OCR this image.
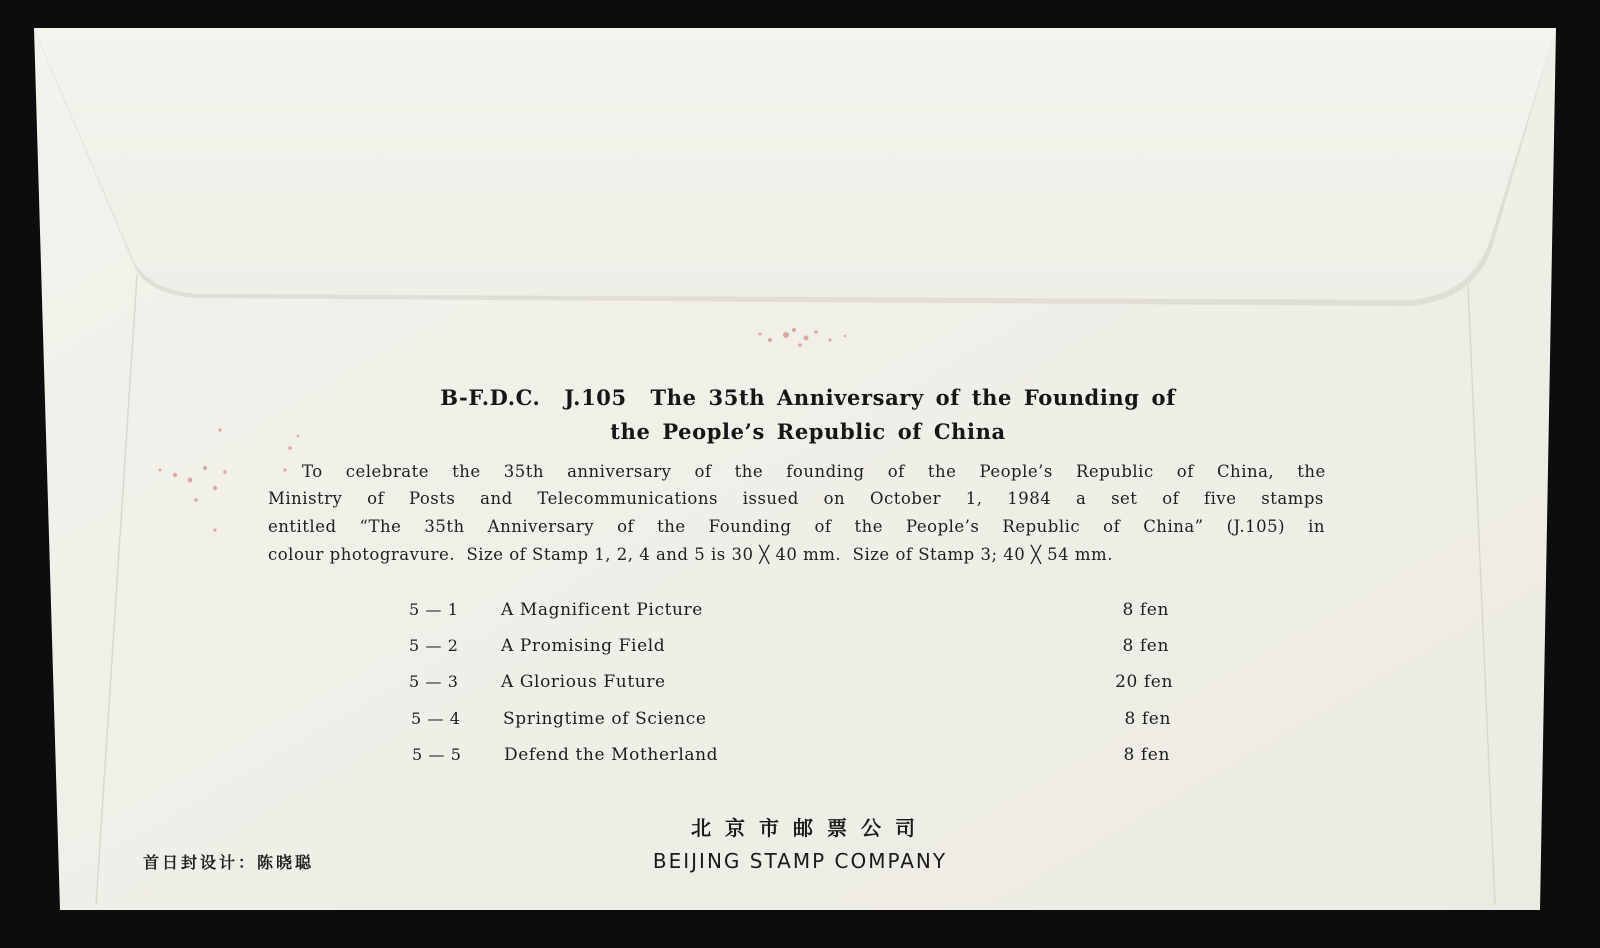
B-F.D.C.  J.105  The 35th Anniversary of the Founding of
the People’s Republic of China
To celebrate the 35th anniversary of the founding of the People’s Republic of China, the
Ministry of Posts and Telecommunications issued on October 1, 1984 a set of five stamps
entitled “The 35th Anniversary of the Founding of the People’s Republic of China” (J.105) in
colour photogravure.  Size of Stamp 1, 2, 4 and 5 is 30 ╳ 40 mm.  Size of Stamp 3; 40 ╳ 54 mm.
5 — 1 A Magnificent Picture	8 fen
5 — 2 A Promising Field	8 fen
5 — 3 A Glorious Future	20 fen
5 — 4 Springtime of Science	8 fen
5 — 5 Defend the Motherland	8 fen
北京市邮票公司
BEIJING STAMP COMPANY
首日封设计：陈晓聪
